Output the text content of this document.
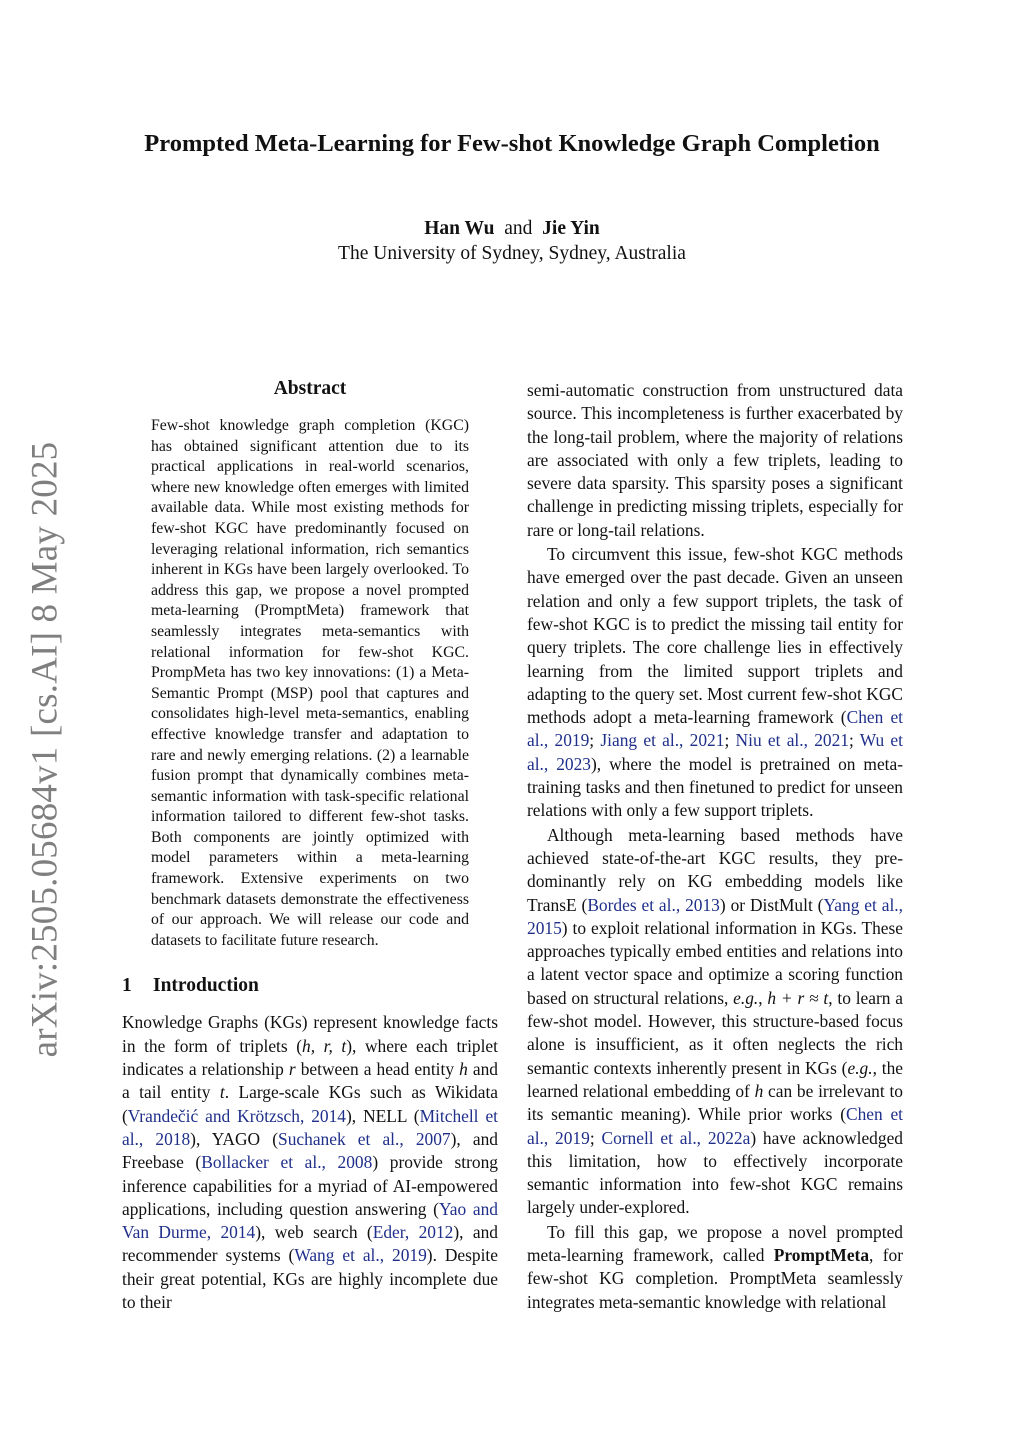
arXiv:2505.05684v1 [cs.AI] 8 May 2025
Prompted Meta-Learning for Few-shot Knowledge Graph Completion
Han Wu and Jie Yin
The University of Sydney, Sydney, Australia
Abstract

Few-shot knowledge graph completion (KGC) has obtained significant attention due to its practical applications in real-world scenarios, where new knowledge often emerges with limited available data. While most existing methods for few-shot KGC have predominantly focused on leveraging relational information, rich semantics inherent in KGs have been largely overlooked. To address this gap, we propose a novel prompted meta-learning (PromptMeta) framework that seamlessly integrates meta-semantics with relational information for few-shot KGC. PrompMeta has two key innovations: (1) a Meta-Semantic Prompt (MSP) pool that captures and consolidates high-level meta-semantics, enabling effective knowledge transfer and adaptation to rare and newly emerging relations. (2) a learnable fusion prompt that dynamically combines meta-semantic information with task-specific relational information tailored to different few-shot tasks. Both components are jointly optimized with model parameters within a meta-learning framework. Extensive experiments on two benchmark datasets demonstrate the effectiveness of our approach. We will release our code and datasets to facilitate future research.

1 Introduction

Knowledge Graphs (KGs) represent knowledge facts in the form of triplets (h, r, t), where each triplet indicates a relationship r between a head entity h and a tail entity t. Large-scale KGs such as Wikidata (Vrandečić and Krötzsch, 2014), NELL (Mitchell et al., 2018), YAGO (Suchanek et al., 2007), and Freebase (Bollacker et al., 2008) provide strong inference capabilities for a myriad of AI-empowered applications, including question answering (Yao and Van Durme, 2014), web search (Eder, 2012), and recommender systems (Wang et al., 2019). Despite their great potential, KGs are highly incomplete due to their

semi-automatic construction from unstructured data source. This incompleteness is further exacerbated by the long-tail problem, where the majority of relations are associated with only a few triplets, leading to severe data sparsity. This sparsity poses a significant challenge in predicting missing triplets, especially for rare or long-tail relations.

To circumvent this issue, few-shot KGC methods have emerged over the past decade. Given an unseen relation and only a few support triplets, the task of few-shot KGC is to predict the missing tail entity for query triplets. The core challenge lies in effectively learning from the limited support triplets and adapting to the query set. Most current few-shot KGC methods adopt a meta-learning framework (Chen et al., 2019; Jiang et al., 2021; Niu et al., 2021; Wu et al., 2023), where the model is pretrained on meta-training tasks and then finetuned to predict for unseen relations with only a few support triplets.

Although meta-learning based methods have achieved state-of-the-art KGC results, they predominantly rely on KG embedding models like TransE (Bordes et al., 2013) or DistMult (Yang et al., 2015) to exploit relational information in KGs. These approaches typically embed entities and relations into a latent vector space and optimize a scoring function based on structural relations, e.g., h + r ≈ t, to learn a few-shot model. However, this structure-based focus alone is insufficient, as it often neglects the rich semantic contexts inherently present in KGs (e.g., the learned relational embedding of h can be irrelevant to its semantic meaning). While prior works (Chen et al., 2019; Cornell et al., 2022a) have acknowledged this limitation, how to effectively incorporate semantic information into few-shot KGC remains largely under-explored.

To fill this gap, we propose a novel prompted meta-learning framework, called PromptMeta, for few-shot KG completion. PromptMeta seamlessly integrates meta-semantic knowledge with relational
